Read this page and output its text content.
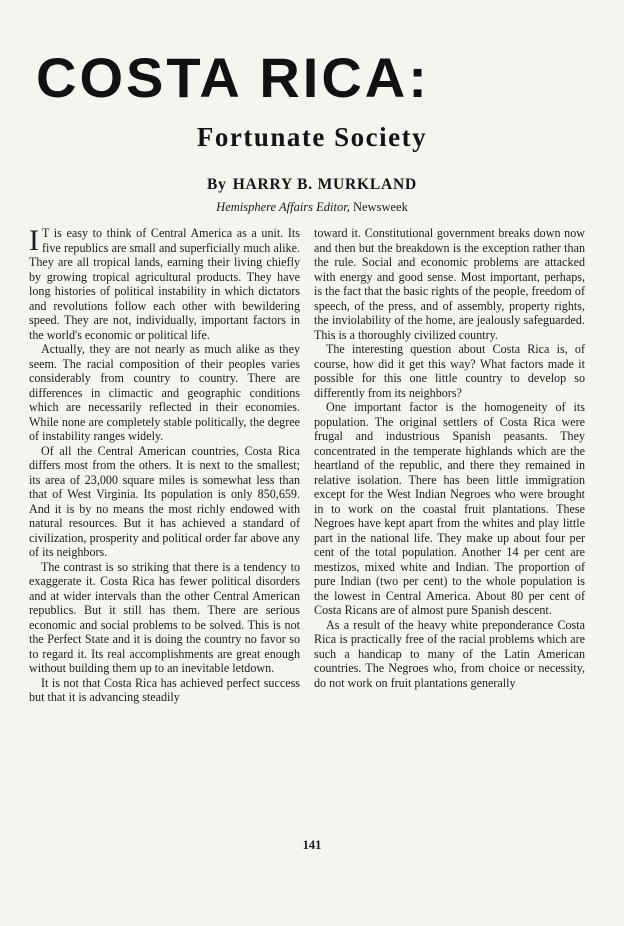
COSTA RICA:
Fortunate Society

By HARRY B. MURKLAND

Hemisphere Affairs Editor, Newsweek

I T is easy to think of Central America as a unit. Its five republics are small and superficially much alike. They are all tropical lands, earning their living chiefly by growing tropical agricultural products. They have long histories of political instability in which dictators and revolutions follow each other with bewildering speed. They are not, individually, important factors in the world's economic or political life.

Actually, they are not nearly as much alike as they seem. The racial composition of their peoples varies considerably from country to country. There are differences in climactic and geographic conditions which are necessarily reflected in their economies. While none are completely stable politically, the degree of instability ranges widely.

Of all the Central American countries, Costa Rica differs most from the others. It is next to the smallest; its area of 23,000 square miles is somewhat less than that of West Virginia. Its population is only 850,659. And it is by no means the most richly endowed with natural resources. But it has achieved a standard of civilization, prosperity and political order far above any of its neighbors.

The contrast is so striking that there is a tendency to exaggerate it. Costa Rica has fewer political disorders and at wider intervals than the other Central American republics. But it still has them. There are serious economic and social problems to be solved. This is not the Perfect State and it is doing the country no favor so to regard it. Its real accomplishments are great enough without building them up to an inevitable letdown.

It is not that Costa Rica has achieved perfect success but that it is advancing steadily

toward it. Constitutional government breaks down now and then but the breakdown is the exception rather than the rule. Social and economic problems are attacked with energy and good sense. Most important, perhaps, is the fact that the basic rights of the people, freedom of speech, of the press, and of assembly, property rights, the inviolability of the home, are jealously safeguarded. This is a thoroughly civilized country.

The interesting question about Costa Rica is, of course, how did it get this way? What factors made it possible for this one little country to develop so differently from its neighbors?

One important factor is the homogeneity of its population. The original settlers of Costa Rica were frugal and industrious Spanish peasants. They concentrated in the temperate highlands which are the heartland of the republic, and there they remained in relative isolation. There has been little immigration except for the West Indian Negroes who were brought in to work on the coastal fruit plantations. These Negroes have kept apart from the whites and play little part in the national life. They make up about four per cent of the total population. Another 14 per cent are mestizos, mixed white and Indian. The proportion of pure Indian (two per cent) to the whole population is the lowest in Central America. About 80 per cent of Costa Ricans are of almost pure Spanish descent.

As a result of the heavy white preponderance Costa Rica is practically free of the racial problems which are such a handicap to many of the Latin American countries. The Negroes who, from choice or necessity, do not work on fruit plantations generally

141
